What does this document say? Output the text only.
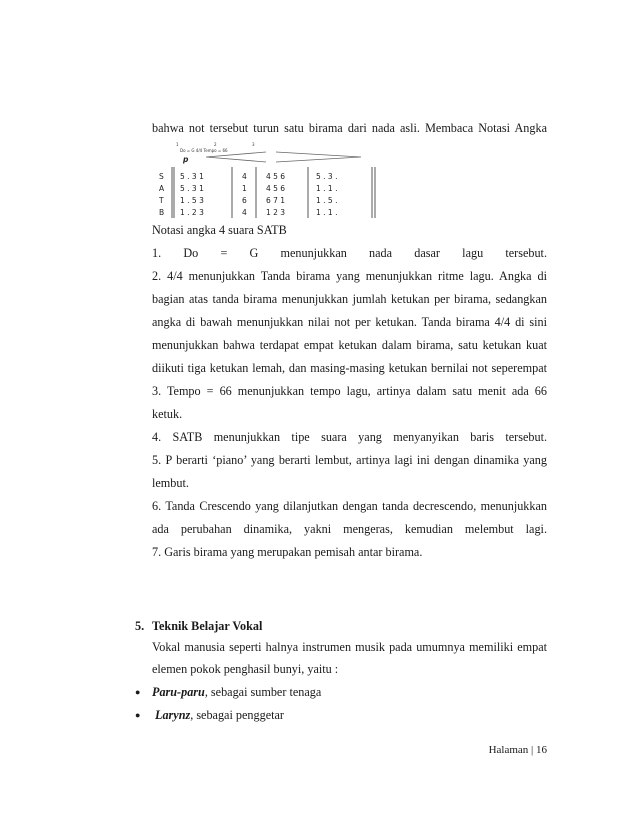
bahwa not tersebut turun satu birama dari nada asli. Membaca Notasi Angka
1	2	3
Do = G 4/4 Tempo = 66
p
S 5 . 3 1	4	4 5 6	5 . 3 .
A 5 . 3 1	1	4 5 6	1 . 1 .
T 1 . 5 3	6	6 7 1	1 . 5 .
B 1 . 2 3	4	1 2 3	1 . 1 .
Notasi angka 4 suara SATB
1. Do = G menunjukkan nada dasar lagu tersebut.
2. 4/4 menunjukkan Tanda birama yang menunjukkan ritme lagu. Angka di
bagian atas tanda birama menunjukkan jumlah ketukan per birama, sedangkan
angka di bawah menunjukkan nilai not per ketukan. Tanda birama 4/4 di sini
menunjukkan bahwa terdapat empat ketukan dalam birama, satu ketukan kuat
diikuti tiga ketukan lemah, dan masing-masing ketukan bernilai not seperempat
3. Tempo = 66 menunjukkan tempo lagu, artinya dalam satu menit ada 66
ketuk.
4. SATB menunjukkan tipe suara yang menyanyikan baris tersebut.
5. P berarti ‘piano’ yang berarti lembut, artinya lagi ini dengan dinamika yang
lembut.
6. Tanda Crescendo yang dilanjutkan dengan tanda decrescendo, menunjukkan
ada perubahan dinamika, yakni mengeras, kemudian melembut lagi.
7. Garis birama yang merupakan pemisah antar birama.
5. Teknik Belajar Vokal
Vokal manusia seperti halnya instrumen musik pada umumnya memiliki empat
elemen pokok penghasil bunyi, yaitu :
● Paru-paru, sebagai sumber tenaga
● Larynz, sebagai penggetar
Halaman | 16
